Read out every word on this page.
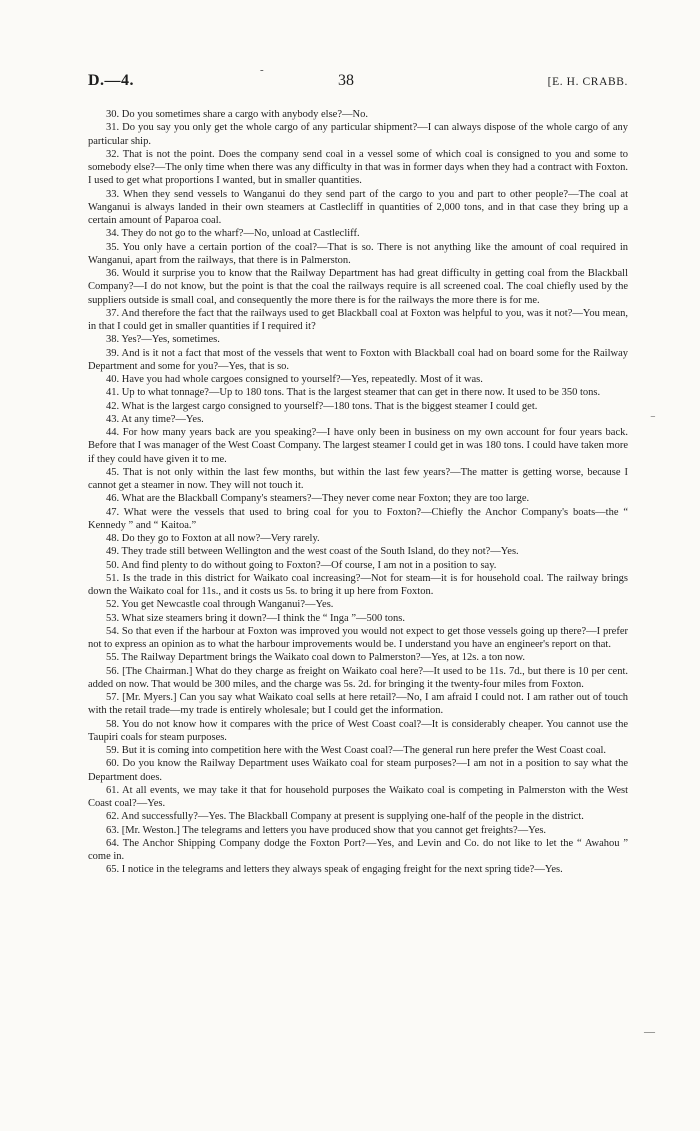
D.—4.	38	[E. H. CRABB.

30. Do you sometimes share a cargo with anybody else?—No.

31. Do you say you only get the whole cargo of any particular shipment?—I can always dispose of the whole cargo of any particular ship.

32. That is not the point. Does the company send coal in a vessel some of which coal is consigned to you and some to somebody else?—The only time when there was any difficulty in that was in former days when they had a contract with Foxton. I used to get what proportions I wanted, but in smaller quantities.

33. When they send vessels to Wanganui do they send part of the cargo to you and part to other people?—The coal at Wanganui is always landed in their own steamers at Castlecliff in quantities of 2,000 tons, and in that case they bring up a certain amount of Paparoa coal.

34. They do not go to the wharf?—No, unload at Castlecliff.

35. You only have a certain portion of the coal?—That is so. There is not anything like the amount of coal required in Wanganui, apart from the railways, that there is in Palmerston.

36. Would it surprise you to know that the Railway Department has had great difficulty in getting coal from the Blackball Company?—I do not know, but the point is that the coal the railways require is all screened coal. The coal chiefly used by the suppliers outside is small coal, and consequently the more there is for the railways the more there is for me.

37. And therefore the fact that the railways used to get Blackball coal at Foxton was helpful to you, was it not?—You mean, in that I could get in smaller quantities if I required it?

38. Yes?—Yes, sometimes.

39. And is it not a fact that most of the vessels that went to Foxton with Blackball coal had on board some for the Railway Department and some for you?—Yes, that is so.

40. Have you had whole cargoes consigned to yourself?—Yes, repeatedly. Most of it was.

41. Up to what tonnage?—Up to 180 tons. That is the largest steamer that can get in there now. It used to be 350 tons.

42. What is the largest cargo consigned to yourself?—180 tons. That is the biggest steamer I could get.

43. At any time?—Yes.

44. For how many years back are you speaking?—I have only been in business on my own account for four years back. Before that I was manager of the West Coast Company. The largest steamer I could get in was 180 tons. I could have taken more if they could have given it to me.

45. That is not only within the last few months, but within the last few years?—The matter is getting worse, because I cannot get a steamer in now. They will not touch it.

46. What are the Blackball Company's steamers?—They never come near Foxton; they are too large.

47. What were the vessels that used to bring coal for you to Foxton?—Chiefly the Anchor Company's boats—the “ Kennedy ” and “ Kaitoa.”

48. Do they go to Foxton at all now?—Very rarely.

49. They trade still between Wellington and the west coast of the South Island, do they not?—Yes.

50. And find plenty to do without going to Foxton?—Of course, I am not in a position to say.

51. Is the trade in this district for Waikato coal increasing?—Not for steam—it is for household coal. The railway brings down the Waikato coal for 11s., and it costs us 5s. to bring it up here from Foxton.

52. You get Newcastle coal through Wanganui?—Yes.

53. What size steamers bring it down?—I think the “ Inga ”—500 tons.

54. So that even if the harbour at Foxton was improved you would not expect to get those vessels going up there?—I prefer not to express an opinion as to what the harbour improvements would be. I understand you have an engineer's report on that.

55. The Railway Department brings the Waikato coal down to Palmerston?—Yes, at 12s. a ton now.

56. [The Chairman.] What do they charge as freight on Waikato coal here?—It used to be 11s. 7d., but there is 10 per cent. added on now. That would be 300 miles, and the charge was 5s. 2d. for bringing it the twenty-four miles from Foxton.

57. [Mr. Myers.] Can you say what Waikato coal sells at here retail?—No, I am afraid I could not. I am rather out of touch with the retail trade—my trade is entirely wholesale; but I could get the information.

58. You do not know how it compares with the price of West Coast coal?—It is considerably cheaper. You cannot use the Taupiri coals for steam purposes.

59. But it is coming into competition here with the West Coast coal?—The general run here prefer the West Coast coal.

60. Do you know the Railway Department uses Waikato coal for steam purposes?—I am not in a position to say what the Department does.

61. At all events, we may take it that for household purposes the Waikato coal is competing in Palmerston with the West Coast coal?—Yes.

62. And successfully?—Yes. The Blackball Company at present is supplying one-half of the people in the district.

63. [Mr. Weston.] The telegrams and letters you have produced show that you cannot get freights?—Yes.

64. The Anchor Shipping Company dodge the Foxton Port?—Yes, and Levin and Co. do not like to let the “ Awahou ” come in.

65. I notice in the telegrams and letters they always speak of engaging freight for the next spring tide?—Yes.

-
⁻
—
